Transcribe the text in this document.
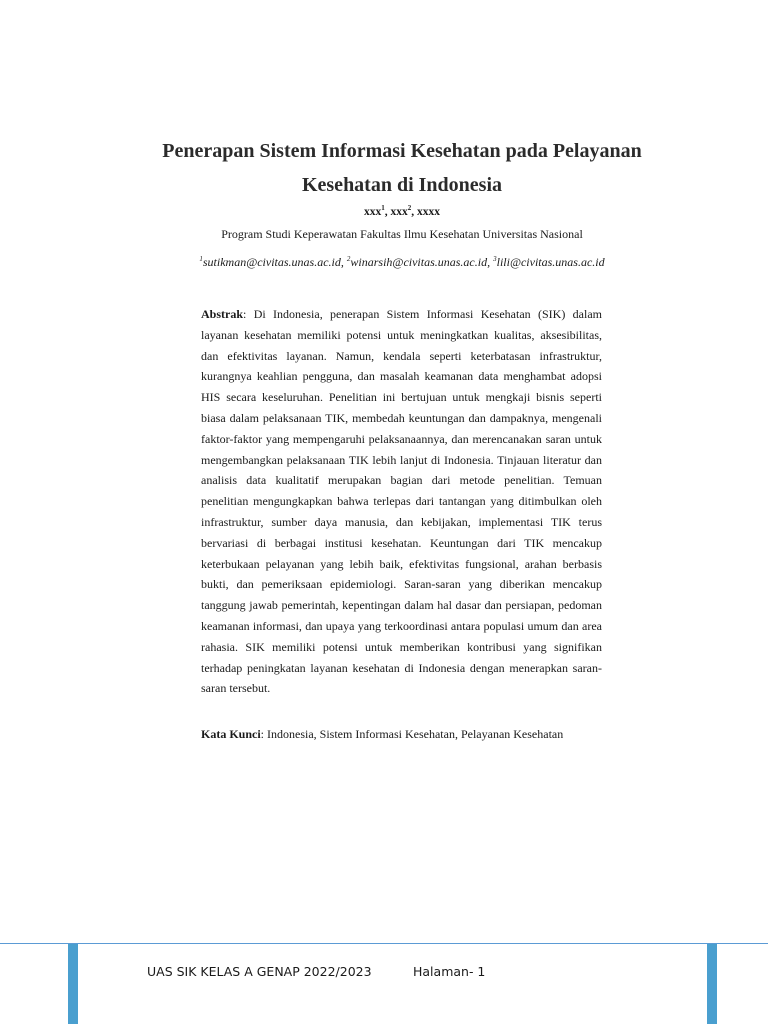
Penerapan Sistem Informasi Kesehatan pada Pelayanan
Kesehatan di Indonesia

xxx$^1$, xxx$^2$, xxxx

Program Studi Keperawatan Fakultas Ilmu Kesehatan Universitas Nasional

$^1$sutikman@civitas.unas.ac.id, $^2$winarsih@civitas.unas.ac.id, $^3$lili@civitas.unas.ac.id

Abstrak: Di Indonesia, penerapan Sistem Informasi Kesehatan (SIK) dalam layanan kesehatan memiliki potensi untuk meningkatkan kualitas, aksesibilitas, dan efektivitas layanan. Namun, kendala seperti keterbatasan infrastruktur, kurangnya keahlian pengguna, dan masalah keamanan data menghambat adopsi HIS secara keseluruhan. Penelitian ini bertujuan untuk mengkaji bisnis seperti biasa dalam pelaksanaan TIK, membedah keuntungan dan dampaknya, mengenali faktor-faktor yang mempengaruhi pelaksanaannya, dan merencanakan saran untuk mengembangkan pelaksanaan TIK lebih lanjut di Indonesia. Tinjauan literatur dan analisis data kualitatif merupakan bagian dari metode penelitian. Temuan penelitian mengungkapkan bahwa terlepas dari tantangan yang ditimbulkan oleh infrastruktur, sumber daya manusia, dan kebijakan, implementasi TIK terus bervariasi di berbagai institusi kesehatan. Keuntungan dari TIK mencakup keterbukaan pelayanan yang lebih baik, efektivitas fungsional, arahan berbasis bukti, dan pemeriksaan epidemiologi. Saran-saran yang diberikan mencakup tanggung jawab pemerintah, kepentingan dalam hal dasar dan persiapan, pedoman keamanan informasi, dan upaya yang terkoordinasi antara populasi umum dan area rahasia. SIK memiliki potensi untuk memberikan kontribusi yang signifikan terhadap peningkatan layanan kesehatan di Indonesia dengan menerapkan saran-saran tersebut.

Kata Kunci: Indonesia, Sistem Informasi Kesehatan, Pelayanan Kesehatan

UAS SIK KELAS A GENAP 2022/2023	Halaman- 1
